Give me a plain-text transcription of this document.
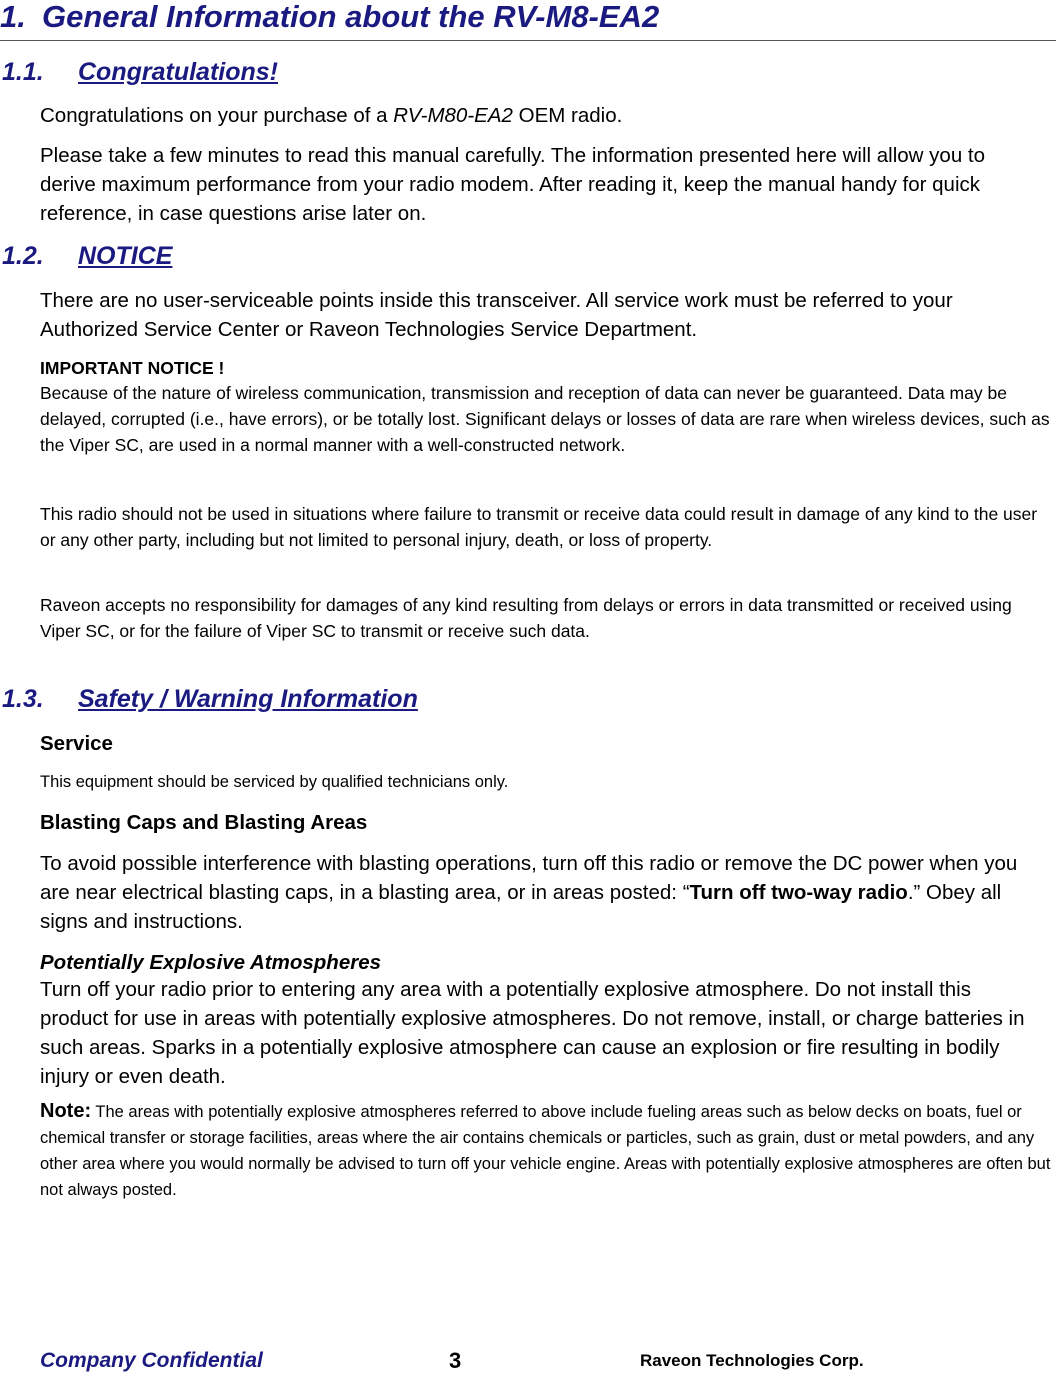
1. General Information about the RV-M8-EA2
1.1. Congratulations!

Congratulations on your purchase of a RV-M80-EA2 OEM radio.

Please take a few minutes to read this manual carefully. The information presented here will allow you to derive maximum performance from your radio modem. After reading it, keep the manual handy for quick reference, in case questions arise later on.

1.2. NOTICE

There are no user-serviceable points inside this transceiver. All service work must be referred to your Authorized Service Center or Raveon Technologies Service Department.

IMPORTANT NOTICE !

Because of the nature of wireless communication, transmission and reception of data can never be guaranteed. Data may be delayed, corrupted (i.e., have errors), or be totally lost. Significant delays or losses of data are rare when wireless devices, such as the Viper SC, are used in a normal manner with a well-constructed network.

This radio should not be used in situations where failure to transmit or receive data could result in damage of any kind to the user or any other party, including but not limited to personal injury, death, or loss of property.

Raveon accepts no responsibility for damages of any kind resulting from delays or errors in data transmitted or received using Viper SC, or for the failure of Viper SC to transmit or receive such data.

1.3. Safety / Warning Information
Service

This equipment should be serviced by qualified technicians only.

Blasting Caps and Blasting Areas

To avoid possible interference with blasting operations, turn off this radio or remove the DC power when you are near electrical blasting caps, in a blasting area, or in areas posted: “Turn off two-way radio.” Obey all signs and instructions.

Potentially Explosive Atmospheres

Turn off your radio prior to entering any area with a potentially explosive atmosphere. Do not install this product for use in areas with potentially explosive atmospheres. Do not remove, install, or charge batteries in such areas. Sparks in a potentially explosive atmosphere can cause an explosion or fire resulting in bodily injury or even death.

Note: The areas with potentially explosive atmospheres referred to above include fueling areas such as below decks on boats, fuel or chemical transfer or storage facilities, areas where the air contains chemicals or particles, such as grain, dust or metal powders, and any other area where you would normally be advised to turn off your vehicle engine. Areas with potentially explosive atmospheres are often but not always posted.

Company Confidential	3	Raveon Technologies Corp.
